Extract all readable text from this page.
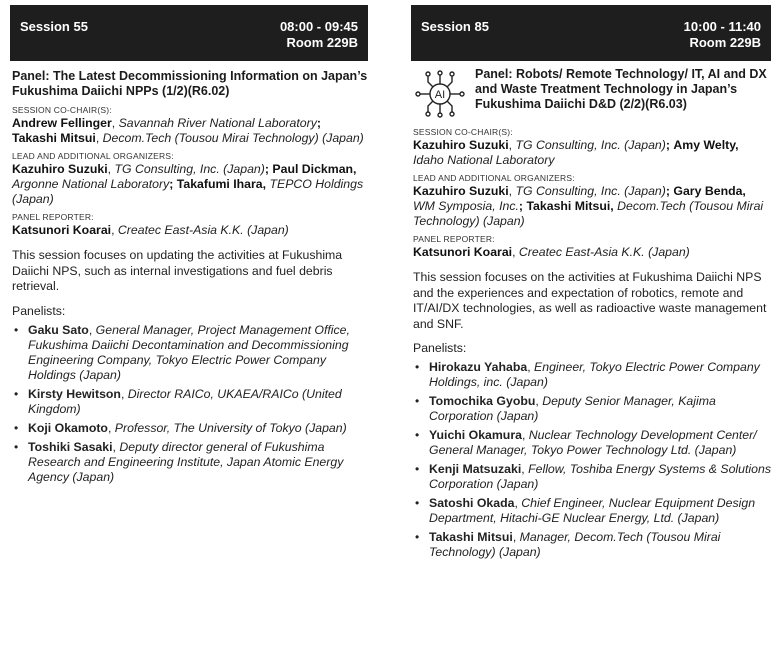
Session 55	08:00 - 09:45
Room 229B
Panel: The Latest Decommissioning Information on Japan’s Fukushima Daiichi NPPs (1/2)(R6.02)
SESSION CO-CHAIR(S):
Andrew Fellinger, Savannah River National Laboratory; Takashi Mitsui, Decom.Tech (Tousou Mirai Technology) (Japan)
LEAD AND ADDITIONAL ORGANIZERS:
Kazuhiro Suzuki, TG Consulting, Inc. (Japan); Paul Dickman, Argonne National Laboratory; Takafumi Ihara, TEPCO Holdings (Japan)
PANEL REPORTER:
Katsunori Koarai, Createc East-Asia K.K. (Japan)
This session focuses on updating the activities at Fukushima Daiichi NPS, such as internal investigations and fuel debris retrieval.
Panelists:
• Gaku Sato, General Manager, Project Management Office, Fukushima Daiichi Decontamination and Decommissioning Engineering Company, Tokyo Electric Power Company Holdings (Japan)
• Kirsty Hewitson, Director RAICo, UKAEA/RAICo (United Kingdom)
• Koji Okamoto, Professor, The University of Tokyo (Japan)
• Toshiki Sasaki, Deputy director general of Fukushima Research and Engineering Institute, Japan Atomic Energy Agency (Japan)
Session 85	10:00 - 11:40
Room 229B
AI
Panel: Robots/ Remote Technology/ IT, AI and DX and Waste Treatment Technology in Japan’s Fukushima Daiichi D&D (2/2)(R6.03)
SESSION CO-CHAIR(S):
Kazuhiro Suzuki, TG Consulting, Inc. (Japan); Amy Welty, Idaho National Laboratory
LEAD AND ADDITIONAL ORGANIZERS:
Kazuhiro Suzuki, TG Consulting, Inc. (Japan); Gary Benda, WM Symposia, Inc.; Takashi Mitsui, Decom.Tech (Tousou Mirai Technology) (Japan)
PANEL REPORTER:
Katsunori Koarai, Createc East-Asia K.K. (Japan)
This session focuses on the activities at Fukushima Daiichi NPS and the experiences and expectation of robotics, remote and IT/AI/DX technologies, as well as radioactive waste management and SNF.
Panelists:
• Hirokazu Yahaba, Engineer, Tokyo Electric Power Company Holdings, inc. (Japan)
• Tomochika Gyobu, Deputy Senior Manager, Kajima Corporation (Japan)
• Yuichi Okamura, Nuclear Technology Development Center/ General Manager, Tokyo Power Technology Ltd. (Japan)
• Kenji Matsuzaki, Fellow, Toshiba Energy Systems & Solutions Corporation (Japan)
• Satoshi Okada, Chief Engineer, Nuclear Equipment Design Department, Hitachi-GE Nuclear Energy, Ltd. (Japan)
• Takashi Mitsui, Manager, Decom.Tech (Tousou Mirai Technology) (Japan)
